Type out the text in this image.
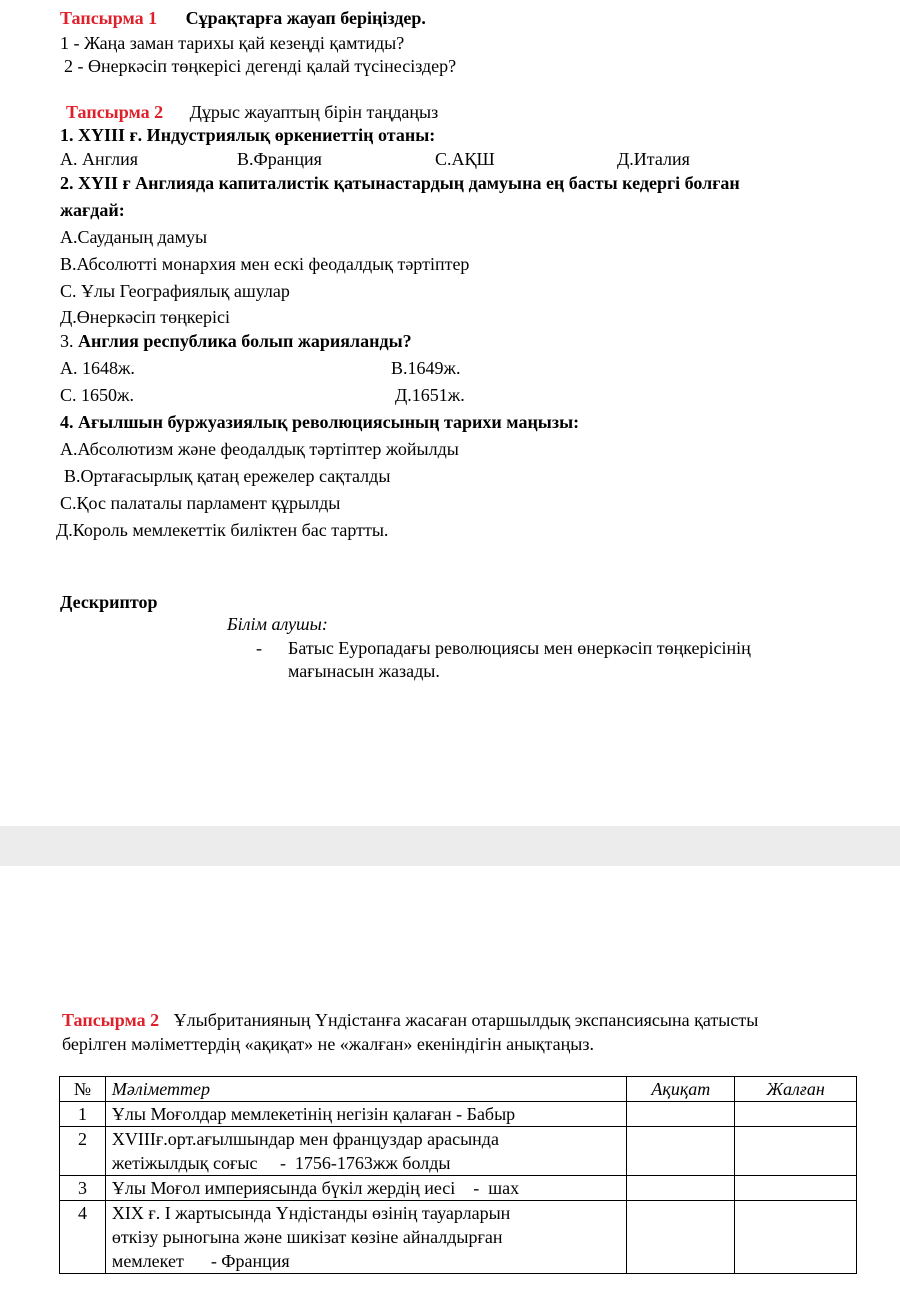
Тапсырма 1 Сұрақтарға жауап беріңіздер.
1 - Жаңа заман тарихы қай кезеңді қамтиды?
2 - Өнеркәсіп төңкерісі дегенді қалай түсінесіздер?
Тапсырма 2 Дұрыс жауаптың бірін таңдаңыз
1. XYIII ғ. Индустриялық өркениеттің отаны:
А. Англия	В.Франция	С.АҚШ	Д.Италия
2. XYII ғ Англияда капиталистік қатынастардың дамуына ең басты кедергі болған
жағдай:
А.Сауданың дамуы
В.Абсолютті монархия мен ескі феодалдық тәртіптер
С. Ұлы Географиялық ашулар
Д.Өнеркәсіп төңкерісі
3. Англия республика болып жарияланды?
А. 1648ж.	В.1649ж.
С. 1650ж.	Д.1651ж.
4. Ағылшын буржуазиялық революциясының тарихи маңызы:
А.Абсолютизм және феодалдық тәртіптер жойылды
В.Ортағасырлық қатаң ережелер сақталды
С.Қос палаталы парламент құрылды
Д.Король мемлекеттік биліктен бас тартты.
Дескриптор
Білім алушы:
- Батыс Еуропадағы революциясы мен өнеркәсіп төңкерісінің
мағынасын жазады.
Тапсырма 2 Ұлыбританияның Үндістанға жасаған отаршылдық экспансиясына қатысты
берілген мәліметтердің «ақиқат» не «жалған» екеніндігін анықтаңыз.
№	Мәліметтер	Ақиқат	Жалған
1	Ұлы Моғолдар мемлекетінің негізін қалаған - Бабыр		

2	XVIIIғ.орт.ағылшындар мен француздар арасында
жетіжылдық соғыс     -  1756-1763жж болды		

3	Ұлы Моғол империясында бүкіл жердің иесі    -  шах		

4	XIX ғ. I жартысында Үндістанды өзінің тауарларын
өткізу рыногына және шикізат көзіне айналдырған
мемлекет      - Франция		
